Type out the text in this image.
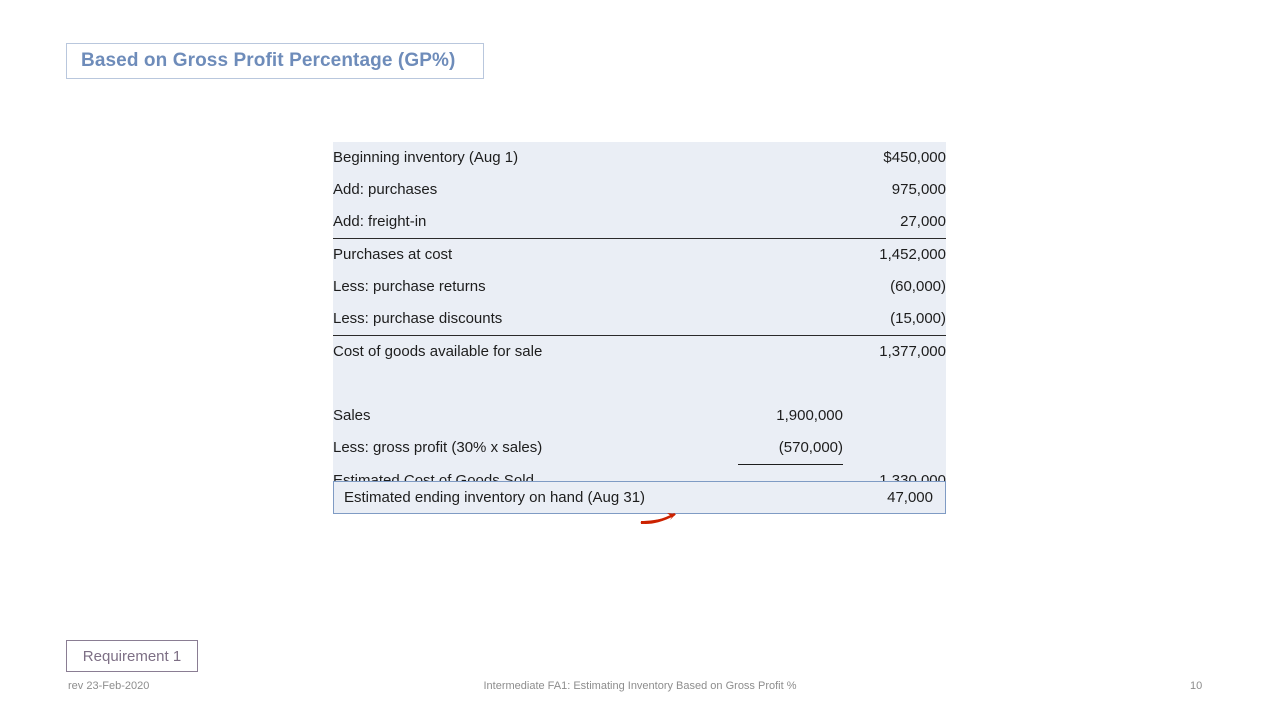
Based on Gross Profit Percentage (GP%)
Beginning inventory (Aug 1)		$450,000
Add: purchases		975,000
Add: freight-in		27,000
Purchases at cost		1,452,000
Less: purchase returns		(60,000)
Less: purchase discounts		(15,000)
Cost of goods available for sale		1,377,000

Sales	1,900,000	
Less: gross profit (30% x sales)	(570,000)	

Estimated ending inventory on hand (Aug 31)	47,000
Requirement 1
rev 23-Feb-2020	Intermediate FA1: Estimating Inventory Based on Gross Profit %	10
